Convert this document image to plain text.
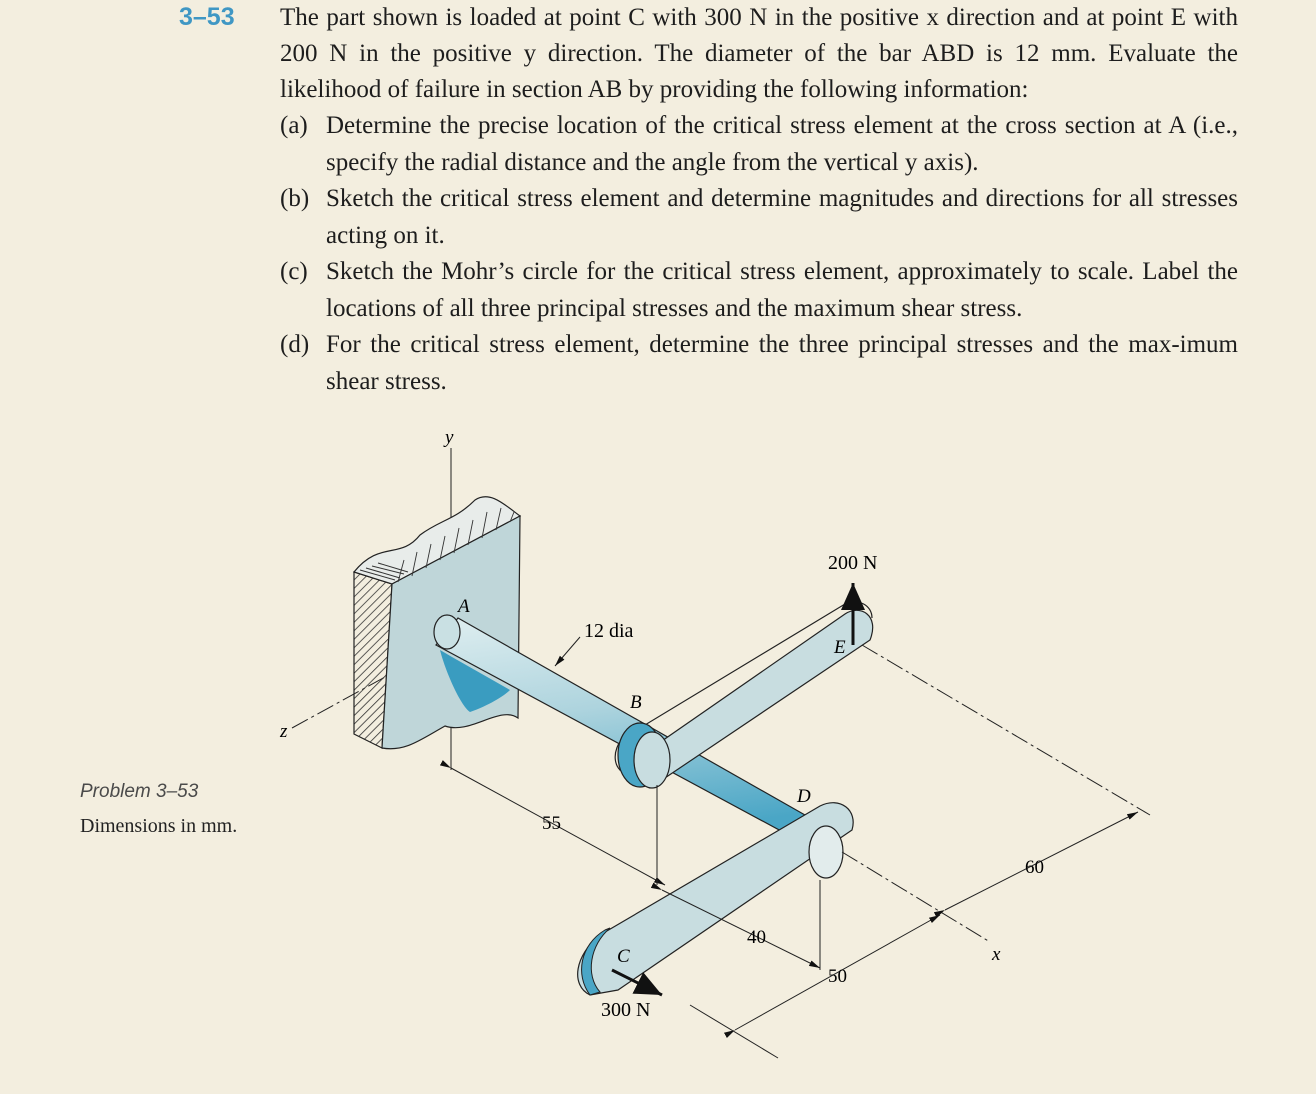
3–53 The part shown is loaded at point C with 300 N in the positive x direction and at point E with 200 N in the positive y direction. The diameter of the bar ABD is 12 mm. Evaluate the likelihood of failure in section AB by providing the following information:

(a) Determine the precise location of the critical stress element at the cross section at A (i.e., specify the radial distance and the angle from the vertical y axis).
(b) Sketch the critical stress element and determine magnitudes and directions for all stresses acting on it.
(c) Sketch the Mohr’s circle for the critical stress element, approximately to scale. Label the locations of all three principal stresses and the maximum shear stress.
(d) For the critical stress element, determine the three principal stresses and the max-imum shear stress.
Problem 3–53
Dimensions in mm.
y
z
x
A
B
C
D
E
12 dia
200 N
300 N
55
40
50
60
